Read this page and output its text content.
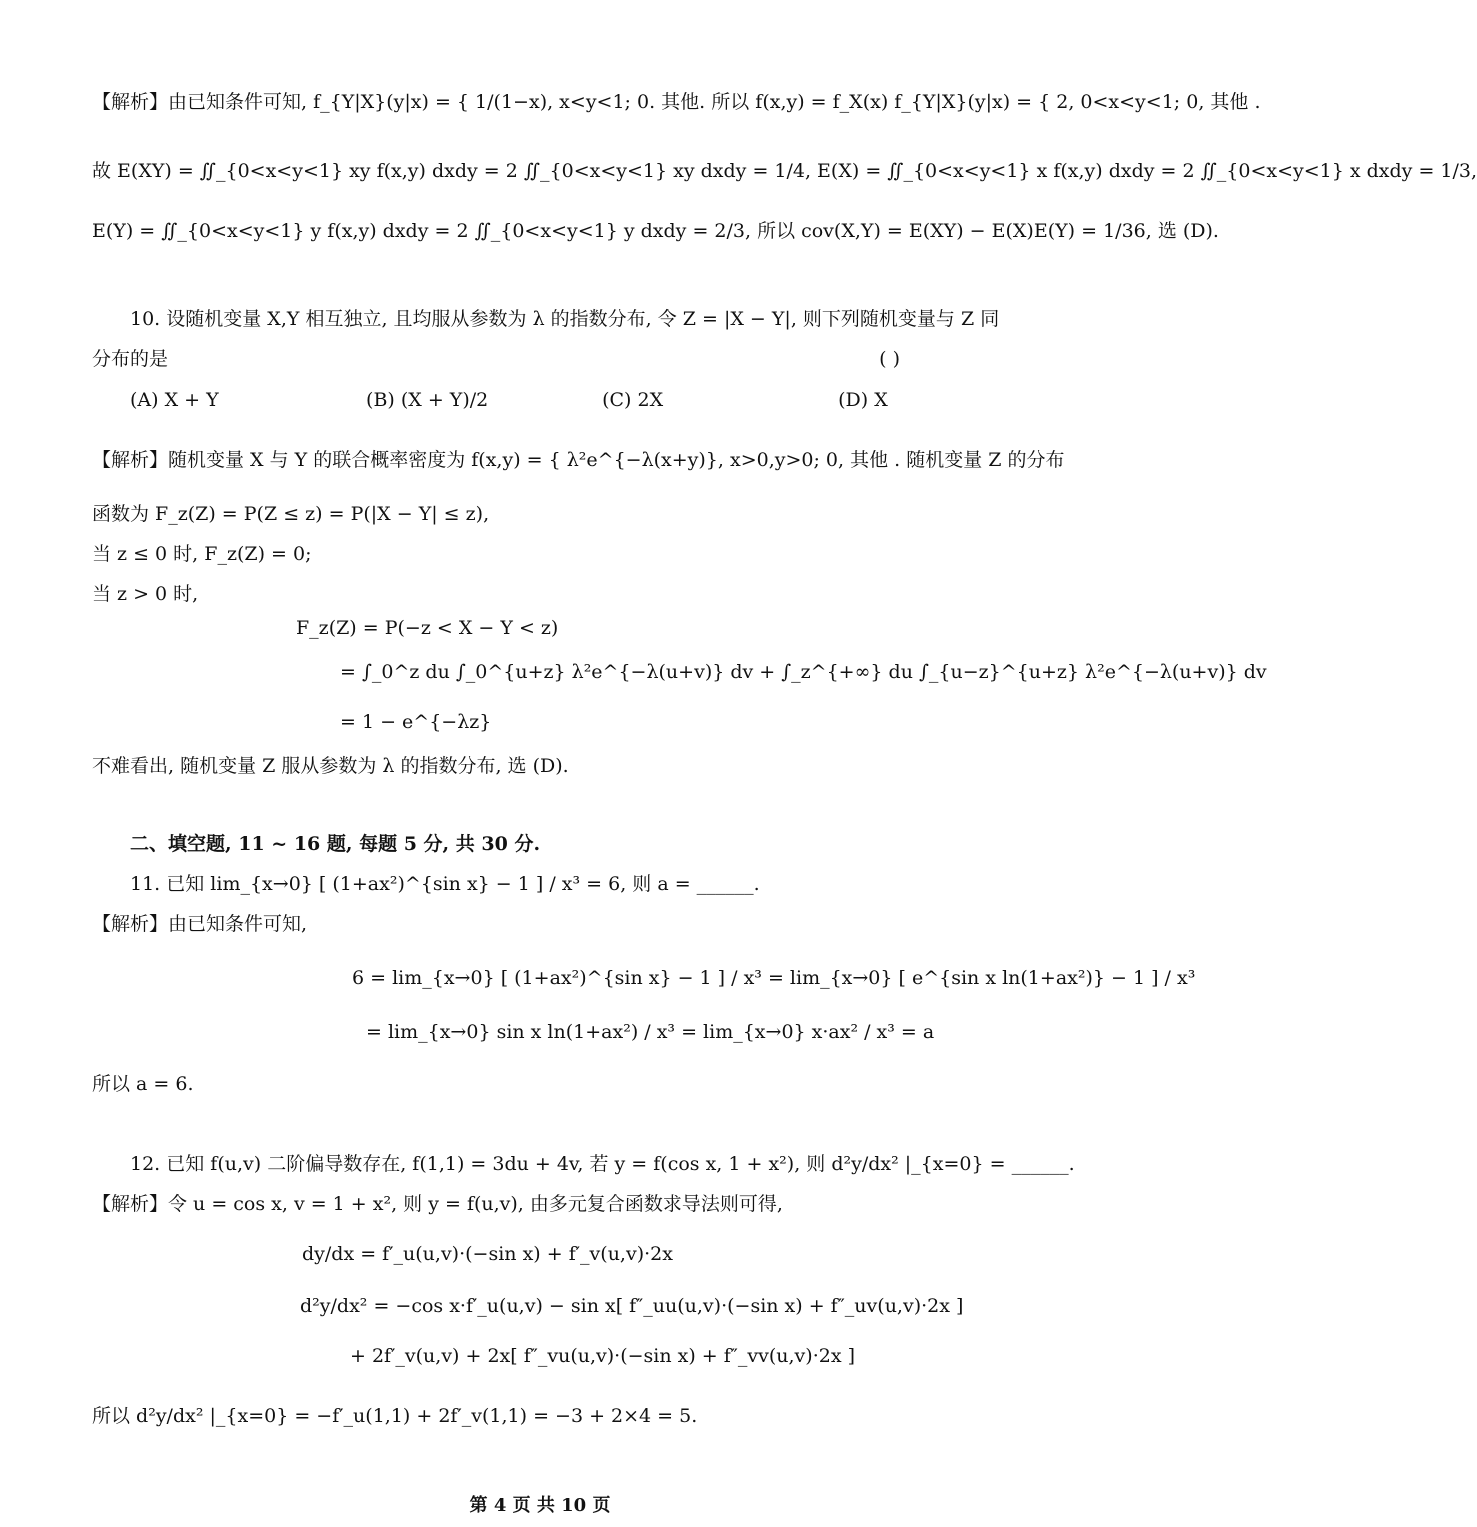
【解析】由已知条件可知, f_{Y|X}(y|x) = { 1/(1−x), x<y<1; 0. 其他. 所以 f(x,y) = f_X(x) f_{Y|X}(y|x) = { 2, 0<x<y<1; 0, 其他 .
故 E(XY) = ∬_{0<x<y<1} xy f(x,y) dxdy = 2 ∬_{0<x<y<1} xy dxdy = 1/4, E(X) = ∬_{0<x<y<1} x f(x,y) dxdy = 2 ∬_{0<x<y<1} x dxdy = 1/3,
E(Y) = ∬_{0<x<y<1} y f(x,y) dxdy = 2 ∬_{0<x<y<1} y dxdy = 2/3, 所以 cov(X,Y) = E(XY) − E(X)E(Y) = 1/36, 选 (D).
10. 设随机变量 X,Y 相互独立, 且均服从参数为 λ 的指数分布, 令 Z = |X − Y|, 则下列随机变量与 Z 同
分布的是	( )
(A) X + Y	(B) (X + Y)/2	(C) 2X	(D) X
【解析】随机变量 X 与 Y 的联合概率密度为 f(x,y) = { λ²e^{−λ(x+y)}, x>0,y>0; 0, 其他 . 随机变量 Z 的分布
函数为 F_z(Z) = P(Z ≤ z) = P(|X − Y| ≤ z),
当 z ≤ 0 时, F_z(Z) = 0;
当 z > 0 时,
F_z(Z) = P(−z < X − Y < z)
= ∫_0^z du ∫_0^{u+z} λ²e^{−λ(u+v)} dv + ∫_z^{+∞} du ∫_{u−z}^{u+z} λ²e^{−λ(u+v)} dv
= 1 − e^{−λz}
不难看出, 随机变量 Z 服从参数为 λ 的指数分布, 选 (D).
二、填空题, 11 ~ 16 题, 每题 5 分, 共 30 分.
11. 已知 lim_{x→0} [ (1+ax²)^{sin x} − 1 ] / x³ = 6, 则 a = ______.
【解析】由已知条件可知,
6 = lim_{x→0} [ (1+ax²)^{sin x} − 1 ] / x³ = lim_{x→0} [ e^{sin x ln(1+ax²)} − 1 ] / x³
= lim_{x→0} sin x ln(1+ax²) / x³ = lim_{x→0} x·ax² / x³ = a
所以 a = 6.
12. 已知 f(u,v) 二阶偏导数存在, f(1,1) = 3du + 4v, 若 y = f(cos x, 1 + x²), 则 d²y/dx² |_{x=0} = ______.
【解析】令 u = cos x, v = 1 + x², 则 y = f(u,v), 由多元复合函数求导法则可得,
dy/dx = f′_u(u,v)·(−sin x) + f′_v(u,v)·2x
d²y/dx² = −cos x·f′_u(u,v) − sin x[ f″_uu(u,v)·(−sin x) + f″_uv(u,v)·2x ]
+ 2f′_v(u,v) + 2x[ f″_vu(u,v)·(−sin x) + f″_vv(u,v)·2x ]
所以 d²y/dx² |_{x=0} = −f′_u(1,1) + 2f′_v(1,1) = −3 + 2×4 = 5.
第 4 页 共 10 页
